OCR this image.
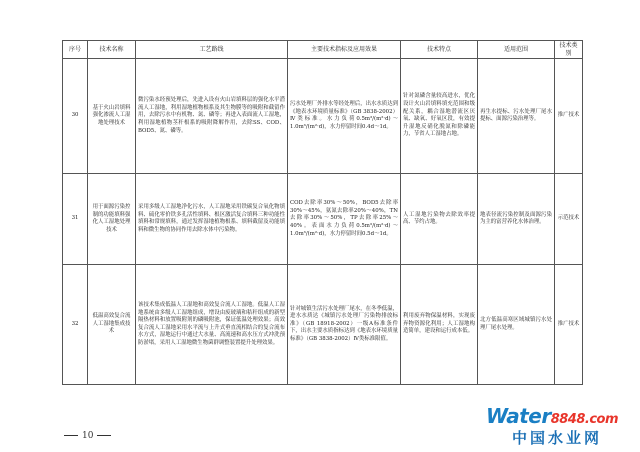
序号	技术名称	工艺路线	主要技术指标及应用效果	技术特点	适用范围	技术类别
30	基于火山岩填料强化渗流人工湿地处理技术	微污染水经预处理后，先进入设有火山岩填料层的强化水平潜流人工湿地，利用湿地植物根系及其生物膜等的吸附和截留作用，去除污水中有机物、氮、磷等；再进入表面流人工湿地，利用湿地植物茎秆根系的吸附降解作用，去除SS、COD、BOD5、氮、磷等。	污水处理厂外排水等经处理后，出水水质达到《地表水环境质量标准》（GB 3838-2002）Ⅳ类标准。水力负荷0.5m³/(m²·d)～1.0m³/(m²·d)，水力停留时间0.4d～1d。	针对氮磷含量较高进水，优化设计火山岩填料填充范围和级配关系，耦合湿地潜流区厌氧、缺氧、好氧区段，有效提升湿地反硝化脱氮和除磷能力，节省人工湿地占地。	再生水提标、污水处理厂尾水提标、面源污染治理等。	推广技术
31	用于面源污染控制的功能填料强化人工湿地处理技术	采用多级人工湿地净化污水，人工湿地采用铁碳复合氧化物填料、硫化零价铁多孔活性填料、根区激活复合填料三种功能性填料和常规填料，通过发挥湿地植物根系、填料截留及功能填料和微生物的协同作用去除水体中污染物。	COD去除率30%～50%，BOD5去除率30%～45%，氨氮去除率20%～40%，TN去除率30%～50%，TP去除率25%～40%。表面水力负荷0.5m³/(m²·d)～1.0m³/(m²·d)，水力停留时间0.5d～1d。	人工湿地污染物去除效率提高、节约占地。	地表径流污染控制及面源污染为主的富营养化水体治理。	示范技术
32	低温高效复合流人工湿地集成技术	该技术集成低温人工湿地和高效复合流人工湿地。低温人工湿地系统由多级人工湿地组成，增设由废玻璃和秸秆组成的新型隔热材料和放置吸附剂的磷吸附池，保证低温处理效果；高效复合流人工湿地采用水平流与上升式垂直流相结合的复合流布水方式，湿地运行中通过大水量、高流速和高水压方式冲洗预防淤堵，采用人工湿地微生物菌群调整装置提升处理效果。	针对城镇生活污水处理厂尾水，在冬季低温，进水水质达《城镇污水处理厂污染物排放标准》（GB 18918-2002）一级A标准条件下，出水主要水质指标达到《地表水环境质量标准》（GB 3838-2002）Ⅳ类标准限值。	利用废弃物保温材料，实现废弃物资源化利用；人工湿地构造简单，建设和运行成本低。	北方低温高寒区域城镇污水处理厂尾水处理。	推广技术
10
Water8848.com
中国水业网
